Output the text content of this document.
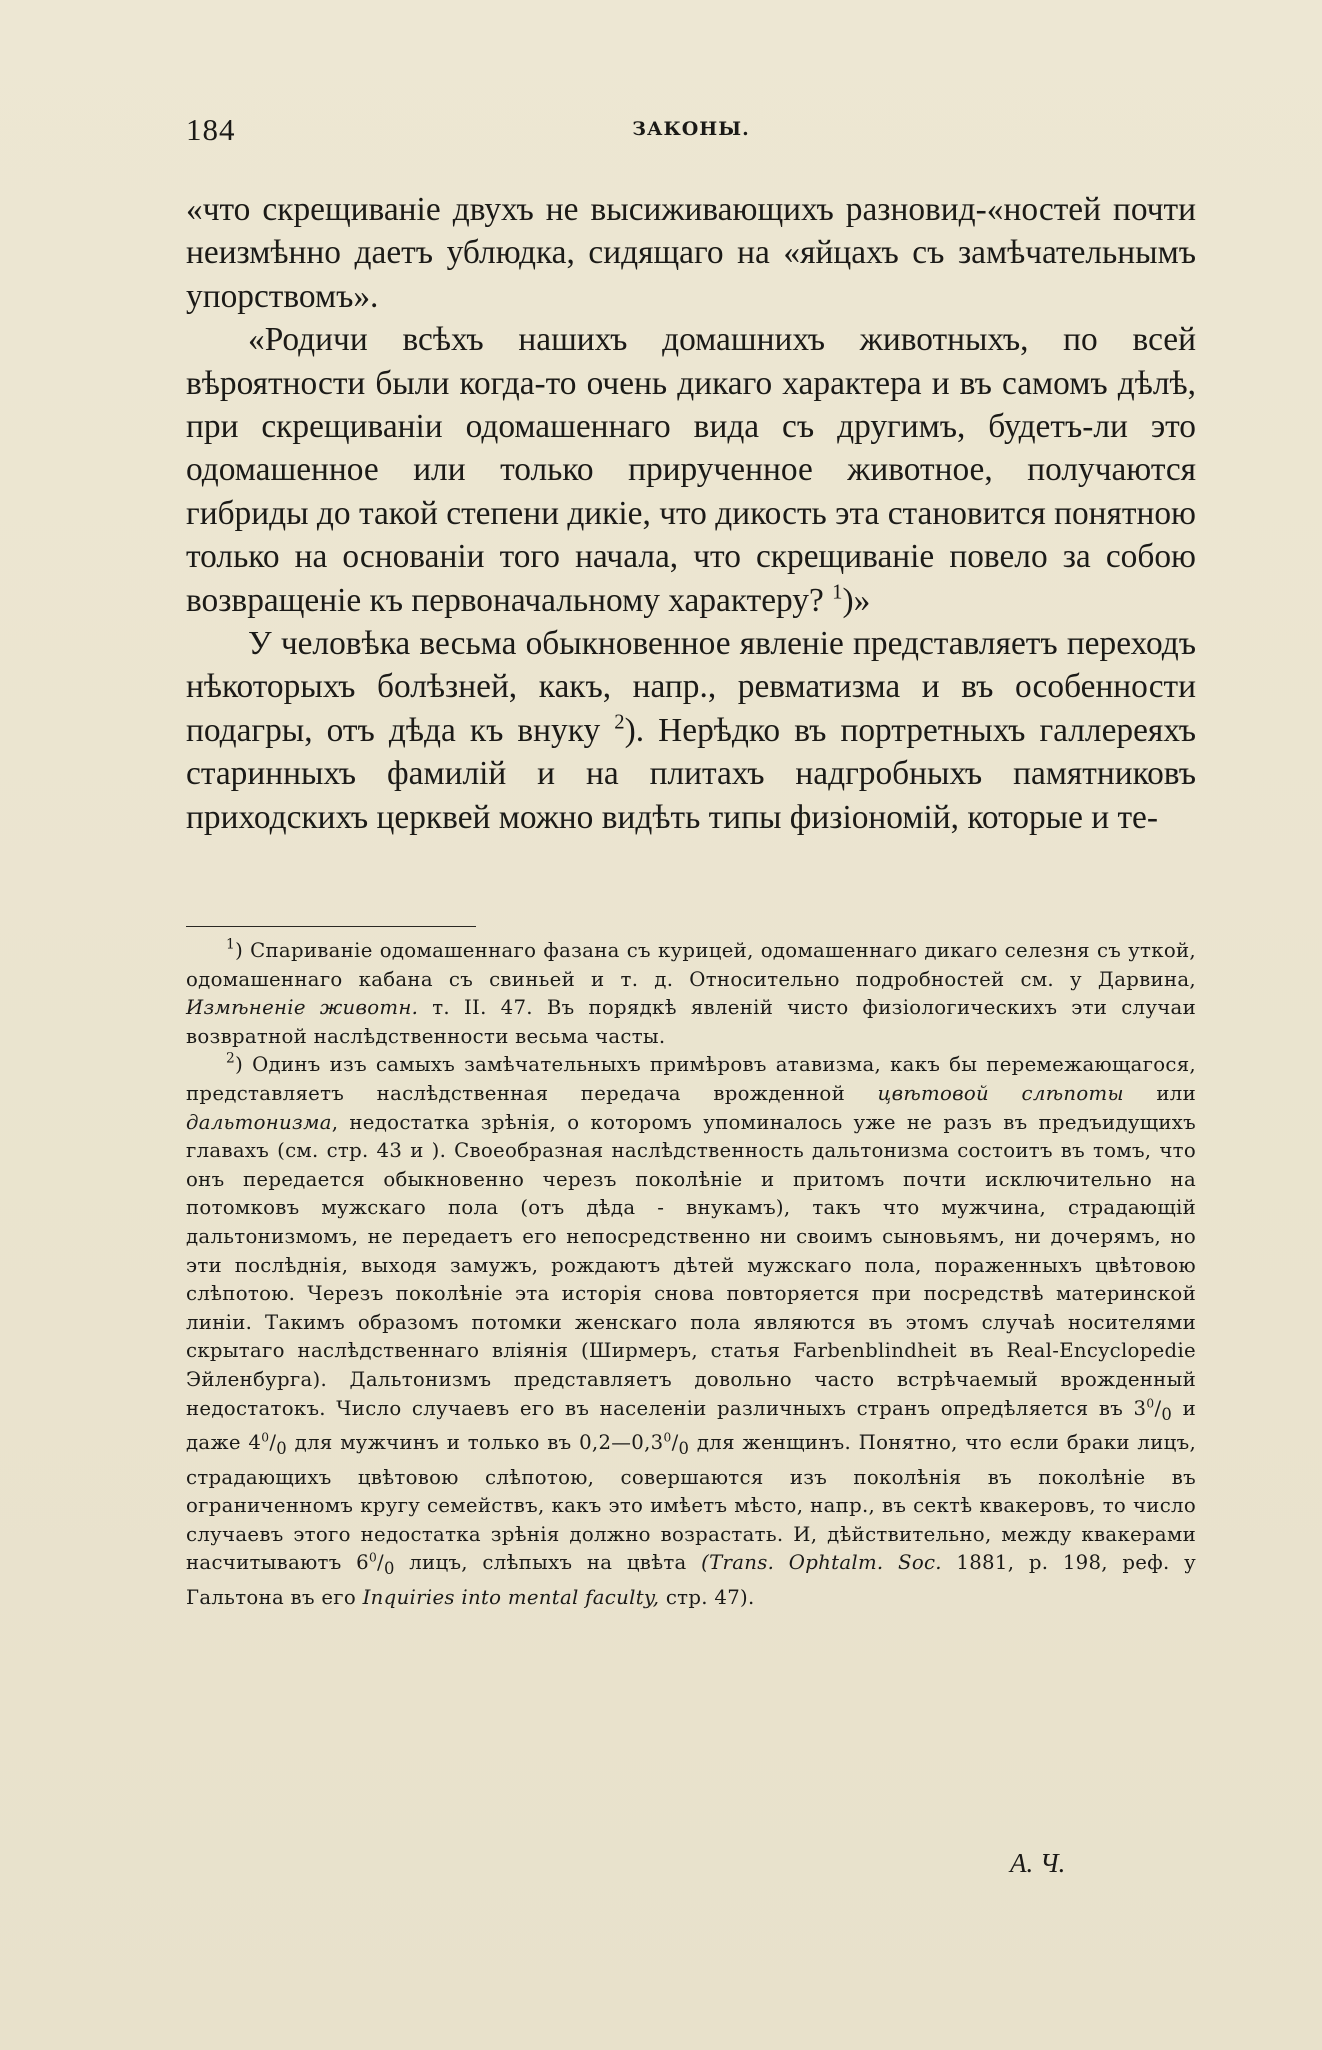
184	ЗАКОНЫ.

«что скрещиваніе двухъ не высиживающихъ разновид-«ностей почти неизмѣнно даетъ ублюдка, сидящаго на «яйцахъ съ замѣчательнымъ упорствомъ».

«Родичи всѣхъ нашихъ домашнихъ животныхъ, по всей вѣроятности были когда-то очень дикаго характера и въ самомъ дѣлѣ, при скрещиваніи одомашеннаго вида съ другимъ, будетъ-ли это одомашенное или только прирученное животное, получаются гибриды до такой степени дикіе, что дикость эта становится понятною только на основаніи того начала, что скрещиваніе повело за собою возвращеніе къ первоначальному характеру? $^1$)»

У человѣка весьма обыкновенное явленіе представляетъ переходъ нѣкоторыхъ болѣзней, какъ, напр., ревматизма и въ особенности подагры, отъ дѣда къ внуку $^2$). Нерѣдко въ портретныхъ галлереяхъ старинныхъ фамилій и на плитахъ надгробныхъ памятниковъ приходскихъ церквей можно видѣть типы физіономій, которые и те-

$^1$) Спариваніе одомашеннаго фазана съ курицей, одомашеннаго дикаго селезня съ уткой, одомашеннаго кабана съ свиньей и т. д. Относительно подробностей см. у Дарвина, Измѣненіе животн. т. II. 47. Въ порядкѣ явленій чисто физіологическихъ эти случаи возвратной наслѣдственности весьма часты.

$^2$) Одинъ изъ самыхъ замѣчательныхъ примѣровъ атавизма, какъ бы перемежающагося, представляетъ наслѣдственная передача врожденной цвѣтовой слѣпоты или дальтонизма, недостатка зрѣнія, о которомъ упоминалось уже не разъ въ предъидущихъ главахъ (см. стр. 43 и ). Своеобразная наслѣдственность дальтонизма состоитъ въ томъ, что онъ передается обыкновенно черезъ поколѣніе и притомъ почти исключительно на потомковъ мужскаго пола (отъ дѣда - внукамъ), такъ что мужчина, страдающій дальтонизмомъ, не передаетъ его непосредственно ни своимъ сыновьямъ, ни дочерямъ, но эти послѣднія, выходя замужъ, рождаютъ дѣтей мужскаго пола, пораженныхъ цвѣтовою слѣпотою. Черезъ поколѣніе эта исторія снова повторяется при посредствѣ материнской линіи. Такимъ образомъ потомки женскаго пола являются въ этомъ случаѣ носителями скрытаго наслѣдственнаго вліянія (Ширмеръ, статья Farbenblindheit въ Real-Encyclopedie Эйленбурга). Дальтонизмъ представляетъ довольно часто встрѣчаемый врожденный недостатокъ. Число случаевъ его въ населеніи различныхъ странъ опредѣляется въ $3^0/_0$ и даже $4^0/_0$ для мужчинъ и только въ $0,2—0,3^0/_0$ для женщинъ. Понятно, что если браки лицъ, страдающихъ цвѣтовою слѣпотою, совершаются изъ поколѣнія въ поколѣніе въ ограниченномъ кругу семействъ, какъ это имѣетъ мѣсто, напр., въ сектѣ квакеровъ, то число случаевъ этого недостатка зрѣнія должно возрастать. И, дѣйствительно, между квакерами насчитываютъ $6^0/_0$ лицъ, слѣпыхъ на цвѣта (Trans. Ophtalm. Soc. 1881, p. 198, реф. у Гальтона въ его Inquiries into mental faculty, стр. 47).

А. Ч.
